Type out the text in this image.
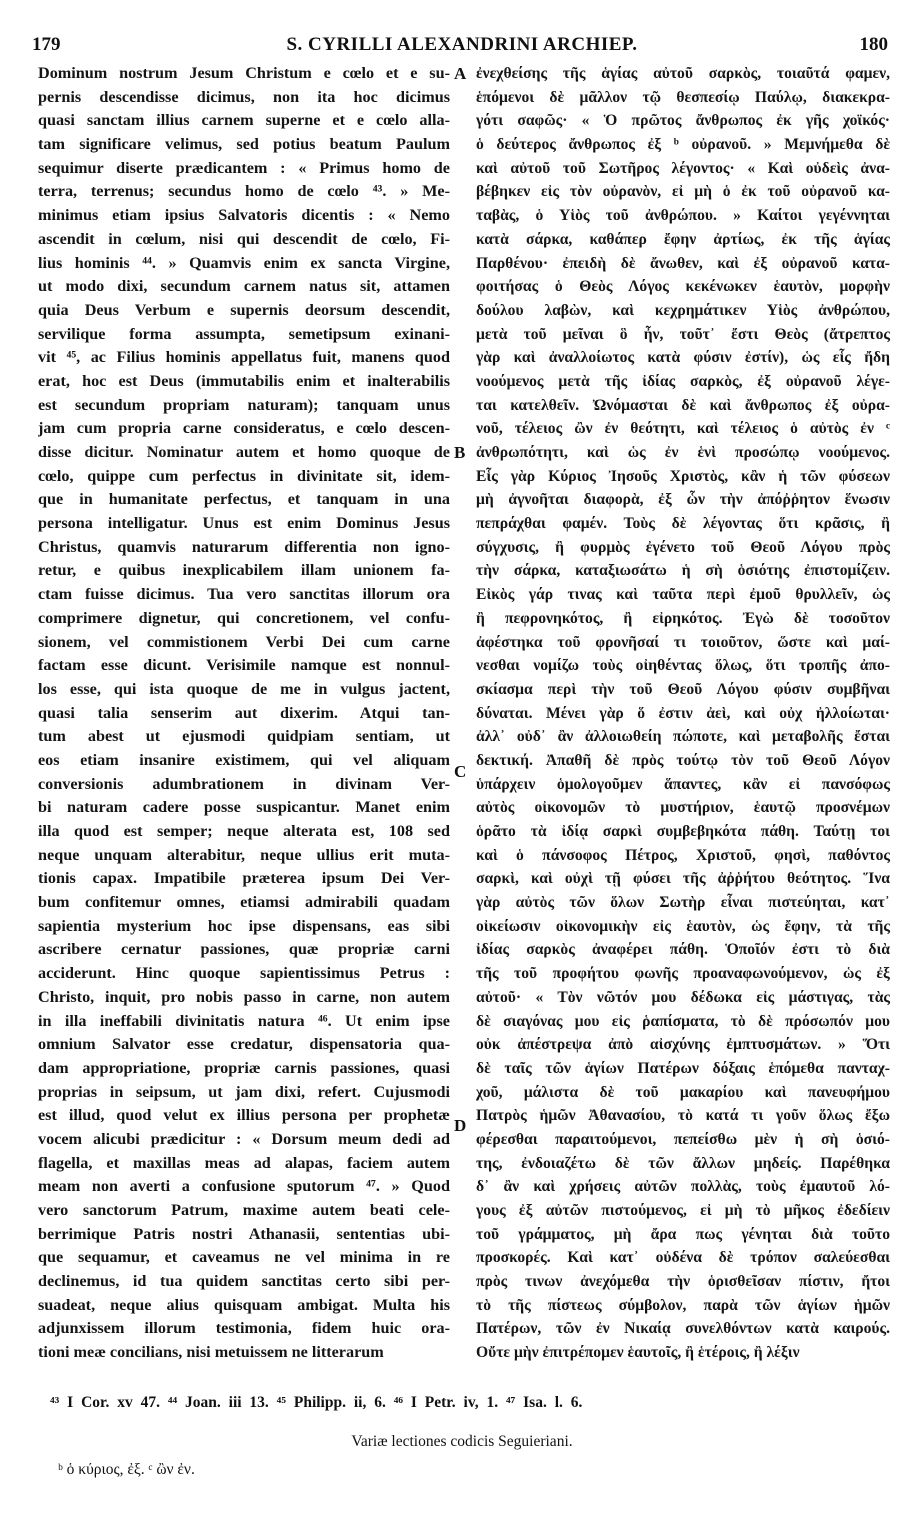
179	S. CYRILLI ALEXANDRINI ARCHIEP.	180
Dominum nostrum Jesum Christum e cœlo et e su-
pernis descendisse dicimus, non ita hoc dicimus
quasi sanctam illius carnem superne et e cœlo alla-
tam significare velimus, sed potius beatum Paulum
sequimur diserte prædicantem : « Primus homo de
terra, terrenus; secundus homo de cœlo ⁴³. » Me-
minimus etiam ipsius Salvatoris dicentis : « Nemo
ascendit in cœlum, nisi qui descendit de cœlo, Fi-
lius hominis ⁴⁴. » Quamvis enim ex sancta Virgine,
ut modo dixi, secundum carnem natus sit, attamen
quia Deus Verbum e supernis deorsum descendit,
servilique forma assumpta, semetipsum exinani-
vit ⁴⁵, ac Filius hominis appellatus fuit, manens quod
erat, hoc est Deus (immutabilis enim et inalterabilis
est secundum propriam naturam); tanquam unus
jam cum propria carne consideratus, e cœlo descen-
disse dicitur. Nominatur autem et homo quoque de
cœlo, quippe cum perfectus in divinitate sit, idem-
que in humanitate perfectus, et tanquam in una
persona intelligatur. Unus est enim Dominus Jesus
Christus, quamvis naturarum differentia non igno-
retur, e quibus inexplicabilem illam unionem fa-
ctam fuisse dicimus. Tua vero sanctitas illorum ora
comprimere dignetur, qui concretionem, vel confu-
sionem, vel commistionem Verbi Dei cum carne
factam esse dicunt. Verisimile namque est nonnul-
los esse, qui ista quoque de me in vulgus jactent,
quasi talia senserim aut dixerim. Atqui tan-
tum abest ut ejusmodi quidpiam sentiam, ut
eos etiam insanire existimem, qui vel aliquam
conversionis adumbrationem in divinam Ver-
bi naturam cadere posse suspicantur. Manet enim
illa quod est semper; neque alterata est, 108 sed
neque unquam alterabitur, neque ullius erit muta-
tionis capax. Impatibile præterea ipsum Dei Ver-
bum confitemur omnes, etiamsi admirabili quadam
sapientia mysterium hoc ipse dispensans, eas sibi
ascribere cernatur passiones, quæ propriæ carni
acciderunt. Hinc quoque sapientissimus Petrus :
Christo, inquit, pro nobis passo in carne, non autem
in illa ineffabili divinitatis natura ⁴⁶. Ut enim ipse
omnium Salvator esse credatur, dispensatoria qua-
dam appropriatione, propriæ carnis passiones, quasi
proprias in seipsum, ut jam dixi, refert. Cujusmodi
est illud, quod velut ex illius persona per prophetæ
vocem alicubi prædicitur : « Dorsum meum dedi ad
flagella, et maxillas meas ad alapas, faciem autem
meam non averti a confusione sputorum ⁴⁷. » Quod
vero sanctorum Patrum, maxime autem beati cele-
berrimique Patris nostri Athanasii, sententias ubi-
que sequamur, et caveamus ne vel minima in re
declinemus, id tua quidem sanctitas certo sibi per-
suadeat, neque alius quisquam ambigat. Multa his
adjunxissem illorum testimonia, fidem huic ora-
tioni meæ concilians, nisi metuissem ne litterarum
ἐνεχθείσης τῆς ἁγίας αὐτοῦ σαρκὸς, τοιαῦτά φαμεν,
ἑπόμενοι δὲ μᾶλλον τῷ θεσπεσίῳ Παύλῳ, διακεκρα-
γότι σαφῶς· « Ὁ πρῶτος ἄνθρωπος ἐκ γῆς χοϊκός·
ὁ δεύτερος ἄνθρωπος ἐξ ᵇ οὐρανοῦ. » Μεμνήμεθα δὲ
καὶ αὐτοῦ τοῦ Σωτῆρος λέγοντος· « Καὶ οὐδεὶς ἀνα-
βέβηκεν εἰς τὸν οὐρανὸν, εἰ μὴ ὁ ἐκ τοῦ οὐρανοῦ κα-
ταβὰς, ὁ Υἱὸς τοῦ ἀνθρώπου. » Καίτοι γεγέννηται
κατὰ σάρκα, καθάπερ ἔφην ἀρτίως, ἐκ τῆς ἁγίας
Παρθένου· ἐπειδὴ δὲ ἄνωθεν, καὶ ἐξ οὐρανοῦ κατα-
φοιτήσας ὁ Θεὸς Λόγος κεκένωκεν ἑαυτὸν, μορφὴν
δούλου λαβὼν, καὶ κεχρημάτικεν Υἱὸς ἀνθρώπου,
μετὰ τοῦ μεῖναι ὃ ἦν, τοῦτ᾽ ἔστι Θεὸς (ἄτρεπτος
γὰρ καὶ ἀναλλοίωτος κατὰ φύσιν ἐστίν), ὡς εἷς ἤδη
νοούμενος μετὰ τῆς ἰδίας σαρκὸς, ἐξ οὐρανοῦ λέγε-
ται κατελθεῖν. Ὠνόμασται δὲ καὶ ἄνθρωπος ἐξ οὐρα-
νοῦ, τέλειος ὢν ἐν θεότητι, καὶ τέλειος ὁ αὐτὸς ἐν ᶜ
ἀνθρωπότητι, καὶ ὡς ἐν ἑνὶ προσώπῳ νοούμενος.
Εἷς γὰρ Κύριος Ἰησοῦς Χριστὸς, κἂν ἡ τῶν φύσεων
μὴ ἀγνοῆται διαφορὰ, ἐξ ὧν τὴν ἀπόῤῥητον ἕνωσιν
πεπράχθαι φαμέν. Τοὺς δὲ λέγοντας ὅτι κρᾶσις, ἢ
σύγχυσις, ἢ φυρμὸς ἐγένετο τοῦ Θεοῦ Λόγου πρὸς
τὴν σάρκα, καταξιωσάτω ἡ σὴ ὁσιότης ἐπιστομίζειν.
Εἰκὸς γάρ τινας καὶ ταῦτα περὶ ἐμοῦ θρυλλεῖν, ὡς
ἢ πεφρονηκότος, ἢ εἰρηκότος. Ἐγὼ δὲ τοσοῦτον
ἀφέστηκα τοῦ φρονῆσαί τι τοιοῦτον, ὥστε καὶ μαί-
νεσθαι νομίζω τοὺς οἰηθέντας ὅλως, ὅτι τροπῆς ἀπο-
σκίασμα περὶ τὴν τοῦ Θεοῦ Λόγου φύσιν συμβῆναι
δύναται. Μένει γὰρ ὅ ἐστιν ἀεὶ, καὶ οὐχ ἠλλοίωται·
ἀλλ᾽ οὐδ᾽ ἂν ἀλλοιωθείη πώποτε, καὶ μεταβολῆς ἔσται
δεκτική. Ἀπαθῆ δὲ πρὸς τούτῳ τὸν τοῦ Θεοῦ Λόγον
ὑπάρχειν ὁμολογοῦμεν ἅπαντες, κἂν εἰ πανσόφως
αὐτὸς οἰκονομῶν τὸ μυστήριον, ἑαυτῷ προσνέμων
ὁρᾶτο τὰ ἰδίᾳ σαρκὶ συμβεβηκότα πάθη. Ταύτῃ τοι
καὶ ὁ πάνσοφος Πέτρος, Χριστοῦ, φησὶ, παθόντος
σαρκὶ, καὶ οὐχὶ τῇ φύσει τῆς ἀῤῥήτου θεότητος. Ἵνα
γὰρ αὐτὸς τῶν ὅλων Σωτὴρ εἶναι πιστεύηται, κατ᾽
οἰκείωσιν οἰκονομικὴν εἰς ἑαυτὸν, ὡς ἔφην, τὰ τῆς
ἰδίας σαρκὸς ἀναφέρει πάθη. Ὁποῖόν ἐστι τὸ διὰ
τῆς τοῦ προφήτου φωνῆς προαναφωνούμενον, ὡς ἐξ
αὐτοῦ· « Τὸν νῶτόν μου δέδωκα εἰς μάστιγας, τὰς
δὲ σιαγόνας μου εἰς ῥαπίσματα, τὸ δὲ πρόσωπόν μου
οὐκ ἀπέστρεψα ἀπὸ αἰσχύνης ἐμπτυσμάτων. » Ὅτι
δὲ ταῖς τῶν ἁγίων Πατέρων δόξαις ἑπόμεθα πανταχ-
χοῦ, μάλιστα δὲ τοῦ μακαρίου καὶ πανευφήμου
Πατρὸς ἡμῶν Ἀθανασίου, τὸ κατά τι γοῦν ὅλως ἔξω
φέρεσθαι παραιτούμενοι, πεπείσθω μὲν ἡ σὴ ὁσιό-
της, ἐνδοιαζέτω δὲ τῶν ἄλλων μηδείς. Παρέθηκα
δ᾽ ἂν καὶ χρήσεις αὐτῶν πολλὰς, τοὺς ἐμαυτοῦ λό-
γους ἐξ αὐτῶν πιστούμενος, εἰ μὴ τὸ μῆκος ἐδεδίειν
τοῦ γράμματος, μὴ ἄρα πως γένηται διὰ τοῦτο
προσκορές. Καὶ κατ᾽ οὐδένα δὲ τρόπον σαλεύεσθαι
πρὸς τινων ἀνεχόμεθα τὴν ὁρισθεῖσαν πίστιν, ἤτοι
τὸ τῆς πίστεως σύμβολον, παρὰ τῶν ἁγίων ἡμῶν
Πατέρων, τῶν ἐν Νικαίᾳ συνελθόντων κατὰ καιρούς.
Οὔτε μὴν ἐπιτρέπομεν ἑαυτοῖς, ἢ ἑτέροις, ἢ λέξιν
A
B
C
D
⁴³ I Cor. xv 47. ⁴⁴ Joan. iii 13. ⁴⁵ Philipp. ii, 6. ⁴⁶ I Petr. iv, 1. ⁴⁷ Isa. l. 6.
Variæ lectiones codicis Seguieriani.
ᵇ ὁ κύριος, ἐξ. ᶜ ὢν ἐν.
